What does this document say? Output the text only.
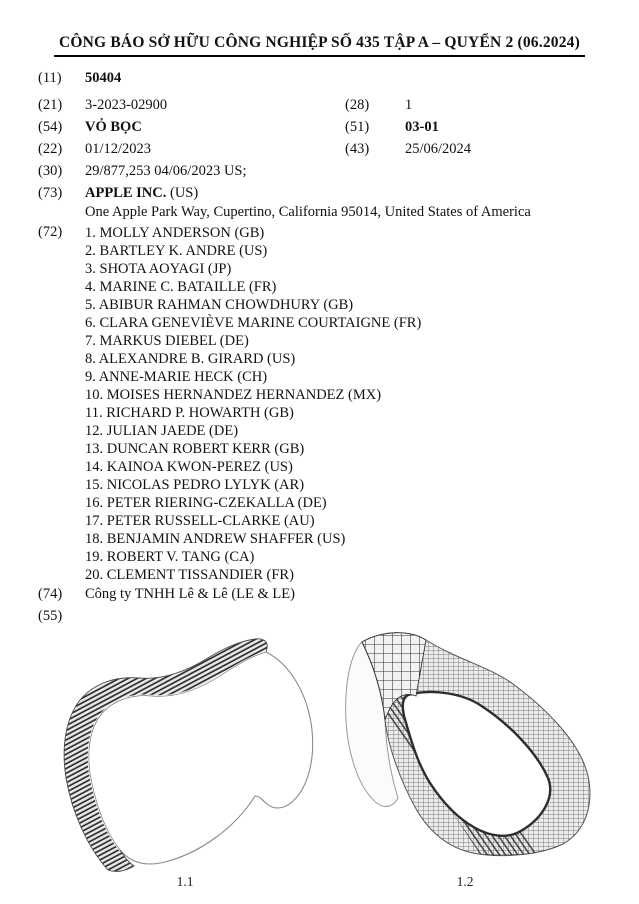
CÔNG BÁO SỞ HỮU CÔNG NGHIỆP SỐ 435 TẬP A – QUYỂN 2 (06.2024)
(11) 50404
(21) 3-2023-02900	(28) 1
(54) VỎ BỌC	(51) 03-01
(22) 01/12/2023	(43) 25/06/2024
(30) 29/877,253 04/06/2023 US;
(73) APPLE INC. (US)
One Apple Park Way, Cupertino, California 95014, United States of America
(72)	1. MOLLY ANDERSON (GB)
2. BARTLEY K. ANDRE (US)
3. SHOTA AOYAGI (JP)
4. MARINE C. BATAILLE (FR)
5. ABIBUR RAHMAN CHOWDHURY (GB)
6. CLARA GENEVIÈVE MARINE COURTAIGNE (FR)
7. MARKUS DIEBEL (DE)
8. ALEXANDRE B. GIRARD (US)
9. ANNE-MARIE HECK (CH)
10. MOISES HERNANDEZ HERNANDEZ (MX)
11. RICHARD P. HOWARTH (GB)
12. JULIAN JAEDE (DE)
13. DUNCAN ROBERT KERR (GB)
14. KAINOA KWON-PEREZ (US)
15. NICOLAS PEDRO LYLYK (AR)
16. PETER RIERING-CZEKALLA (DE)
17. PETER RUSSELL-CLARKE (AU)
18. BENJAMIN ANDREW SHAFFER (US)
19. ROBERT V. TANG (CA)
20. CLEMENT TISSANDIER (FR)
(74) Công ty TNHH Lê & Lê (LE & LE)
(55)
1.1	1.2
